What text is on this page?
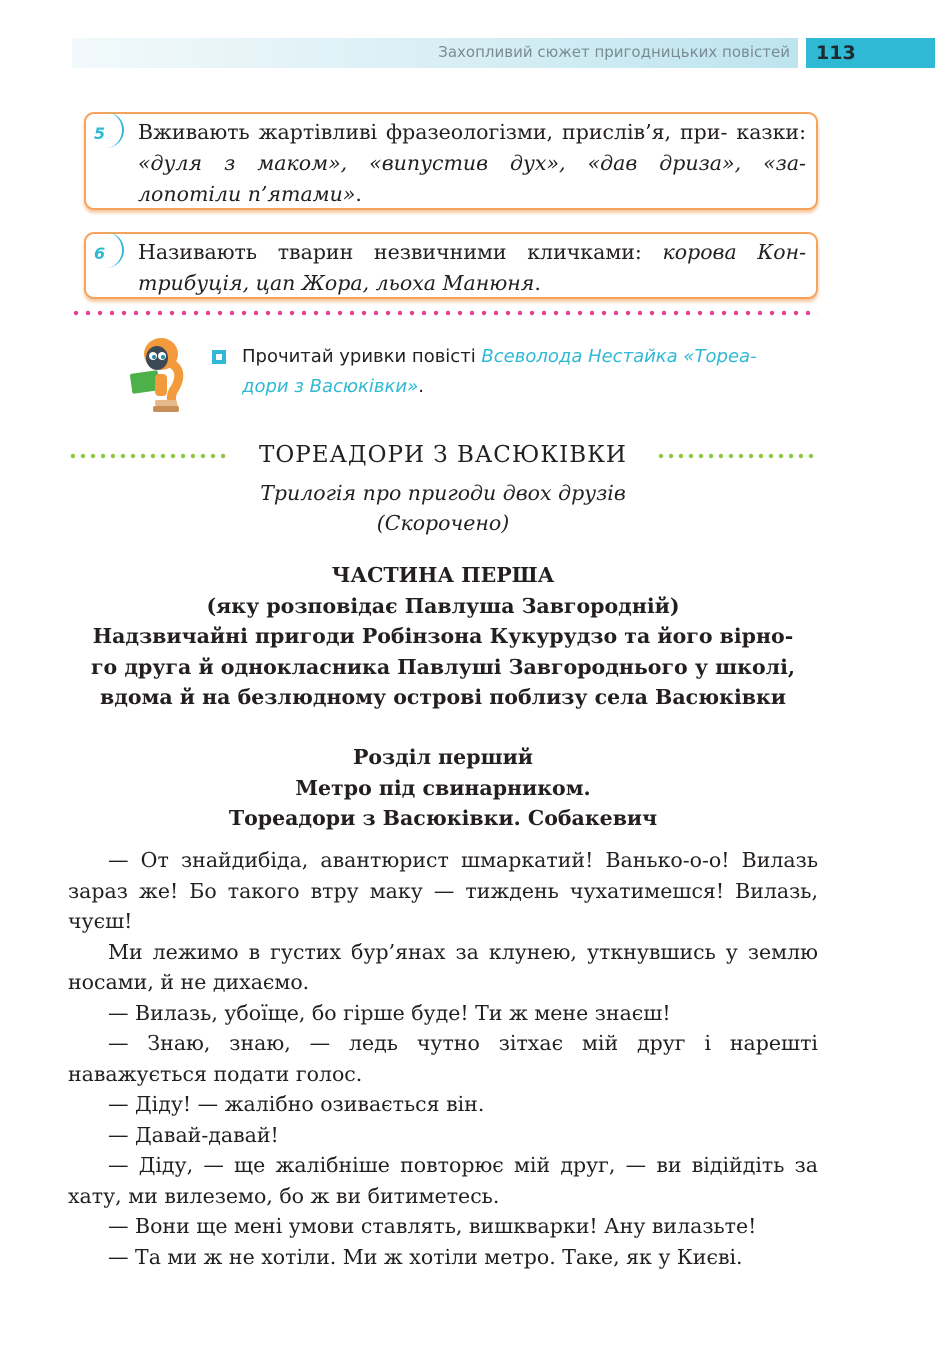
Захопливий сюжет пригодницьких повістей	113
5 Вживають жартівливі фразеологізми, прислів’я, при- казки: «дуля з маком», «випустив дух», «дав дриза», «за- лопотіли п’ятами».
6 Називають тварин незвичними кличками: корова Кон- трибуція, цап Жора, льоха Манюня.
Прочитай уривки повісті Всеволода Нестайка «Тореа-
дори з Васюківки».
ТОРЕАДОРИ З ВАСЮКІВКИ
Трилогія про пригоди двох друзів
(Скорочено)
ЧАСТИНА ПЕРША
(яку розповідає Павлуша Завгородній)
Надзвичайні пригоди Робінзона Кукурудзо та його вірно-
го друга й однокласника Павлуші Завгороднього у школі,
вдома й на безлюдному острові поблизу села Васюківки
Розділ перший
Метро під свинарником.
Тореадори з Васюківки. Собакевич

— От знайдибіда, авантюрист шмаркатий! Ванько-о-о! Вилазь зараз же! Бо такого втру маку — тиждень чухатимешся! Вилазь, чуєш!

Ми лежимо в густих бур’янах за клунею, уткнувшись у землю носами, й не дихаємо.

— Вилазь, убоїще, бо гірше буде! Ти ж мене знаєш!

— Знаю, знаю, — ледь чутно зітхає мій друг і нарешті наважується подати голос.

— Діду! — жалібно озивається він.

— Давай-давай!

— Діду, — ще жалібніше повторює мій друг, — ви відійдіть за хату, ми вилеземо, бо ж ви битиметесь.

— Вони ще мені умови ставлять, вишкварки! Ану вилазьте!

— Та ми ж не хотіли. Ми ж хотіли метро. Таке, як у Києві.
